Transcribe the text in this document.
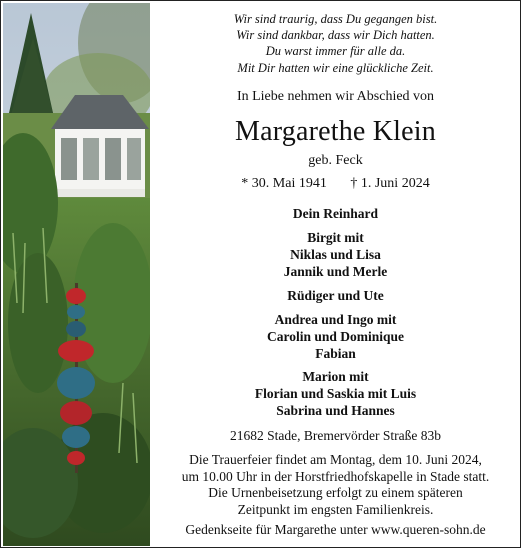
Wir sind traurig, dass Du gegangen bist.
Wir sind dankbar, dass wir Dich hatten.
Du warst immer für alle da.
Mit Dir hatten wir eine glückliche Zeit.
In Liebe nehmen wir Abschied von
Margarethe Klein
geb. Feck
* 30. Mai 1941 † 1. Juni 2024
Dein Reinhard
Birgit mit
Niklas und Lisa
Jannik und Merle
Rüdiger und Ute
Andrea und Ingo mit
Carolin und Dominique
Fabian
Marion mit
Florian und Saskia mit Luis
Sabrina und Hannes
21682 Stade, Bremervörder Straße 83b
Die Trauerfeier findet am Montag, dem 10. Juni 2024,
um 10.00 Uhr in der Horstfriedhofskapelle in Stade statt.
Die Urnenbeisetzung erfolgt zu einem späteren
Zeitpunkt im engsten Familienkreis.
Gedenkseite für Margarethe unter www.queren-sohn.de
